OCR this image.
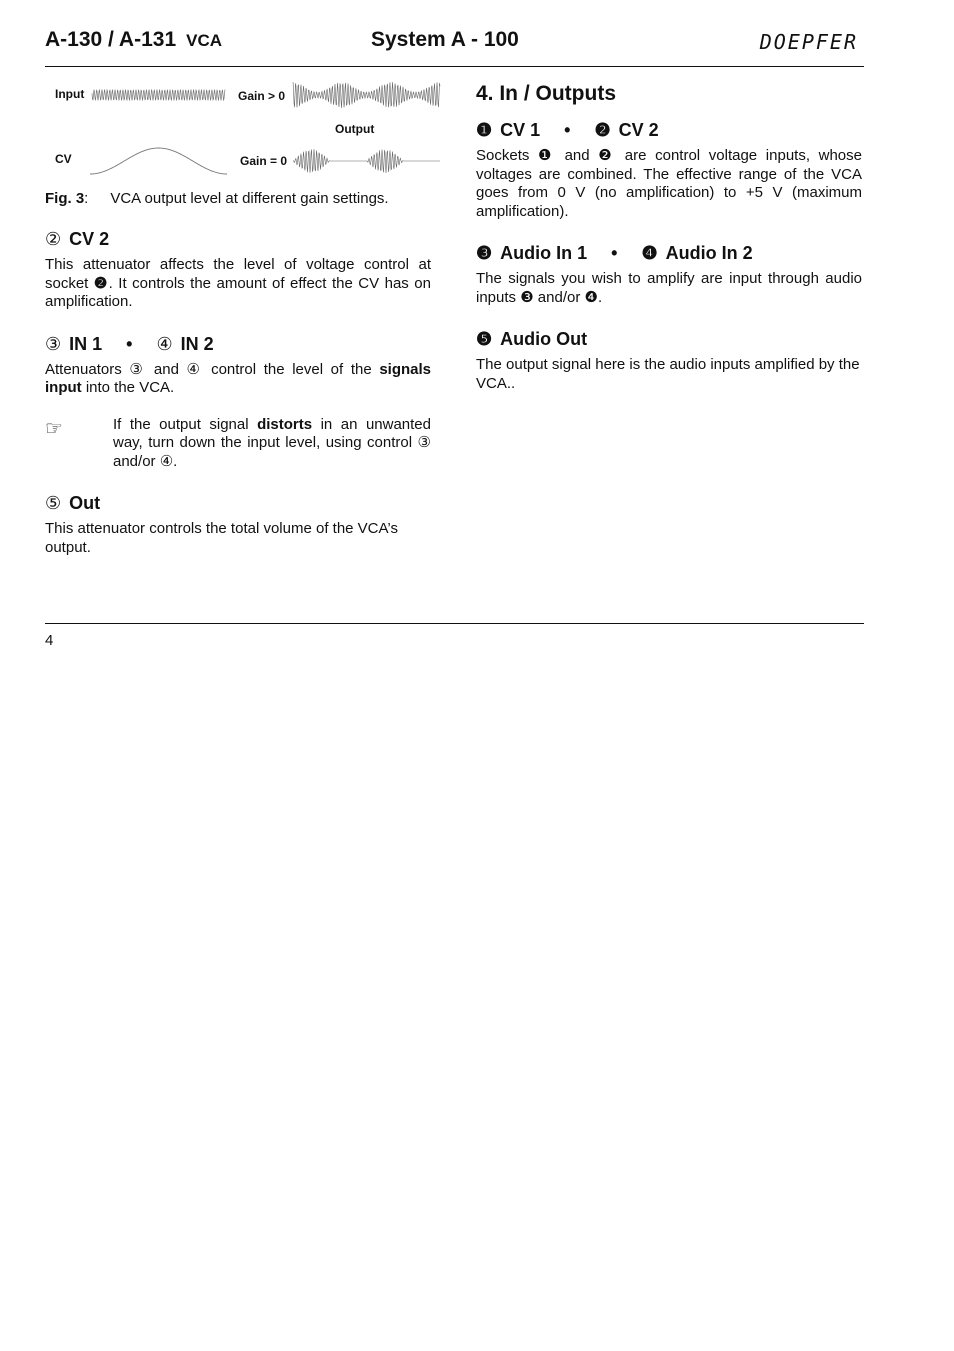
A-130 / A-131 VCA	System A - 100	DOEPFER
Input
CV
Gain > 0
Gain = 0
Output
Fig. 3: VCA output level at different gain settings.
② CV 2

This attenuator affects the level of voltage control at socket ❷. It controls the amount of effect the CV has on amplification.

③ IN 1 • ④ IN 2

Attenuators ③ and ④ control the level of the signals input into the VCA.

☞	If the output signal distorts in an unwanted way, turn down the input level, using control ③ and/or ④.

⑤ Out

This attenuator controls the total volume of the VCA’s output.

4. In / Outputs
❶ CV 1 • ❷ CV 2

Sockets ❶ and ❷ are control voltage inputs, whose voltages are combined. The effective range of the VCA goes from 0 V (no amplification) to +5 V (maximum amplification).

❸ Audio In 1 • ❹ Audio In 2

The signals you wish to amplify are input through audio inputs ❸ and/or ❹.

❺ Audio Out

The output signal here is the audio inputs amplified by the VCA..

4
